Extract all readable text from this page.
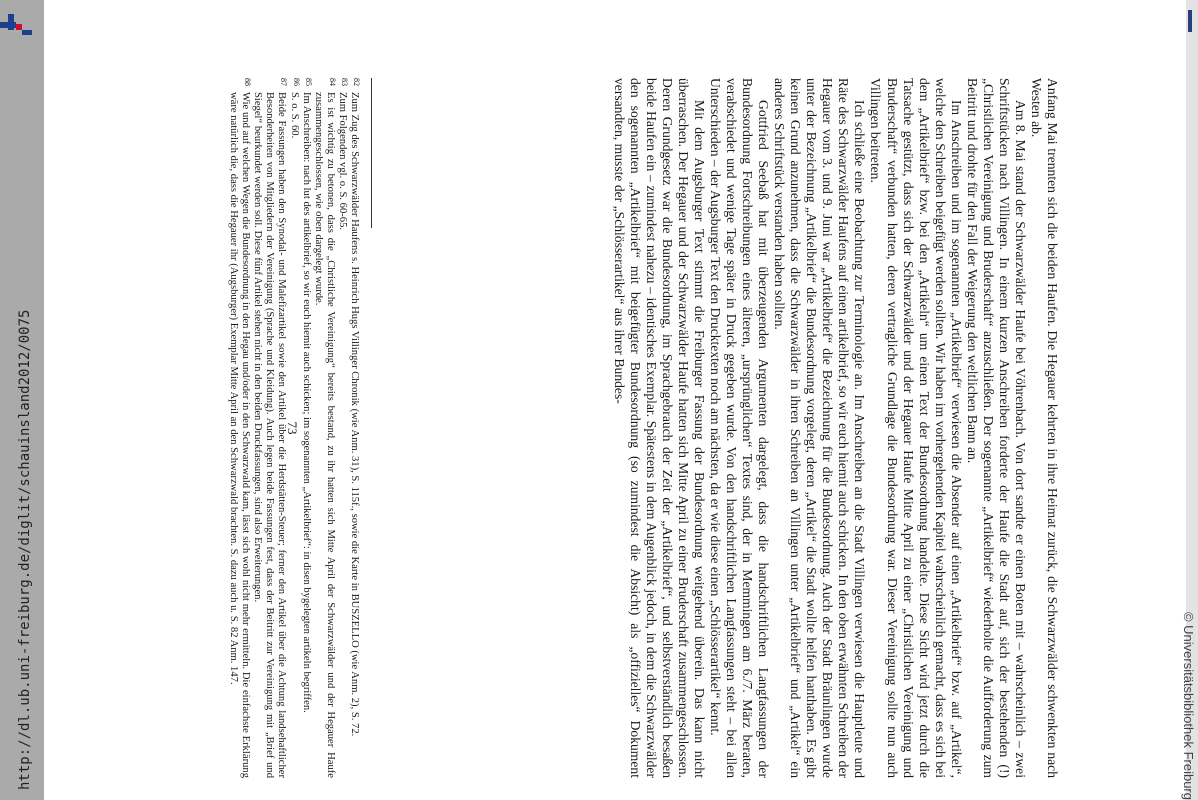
http://dl.ub.uni-freiburg.de/diglit/schauinsland2012/0075	© Universitätsbibliothek Freiburg

Anfang Mai trennten sich die beiden Haufen. Die Hegauer kehrten in ihre Heimat zurück, die Schwarzwälder schwenkten nach Westen ab.

Am 8. Mai stand der Schwarzwälder Haufe bei Vöhrenbach. Von dort sandte er einen Boten mit – wahrscheinlich – zwei Schriftstücken nach Villingen. In einem kurzen Anschreiben forderte der Haufe die Stadt auf, sich der bestehenden (!) „Christlichen Vereinigung und Bruderschaft“ anzuschließen. Der sogenannte „Artikelbrief“ wiederholte die Aufforderung zum Beitritt und drohte für den Fall der Weigerung den weltlichen Bann an.

Im Anschreiben und im sogenannten „Artikelbrief“ verwiesen die Absender auf einen „Artikelbrief“ bzw. auf „Artikel“, welche den Schreiben beigefügt werden sollten. Wir haben im vorhergehenden Kapitel wahrscheinlich gemacht, dass es sich bei dem „Artikelbrief“ bzw. bei den „Artikeln“ um einen Text der Bundesordnung handelte. Diese Sicht wird jetzt durch die Tatsache gestützt, dass sich der Schwarzwälder und der Hegauer Haufe Mitte April zu einer „Christlichen Vereinigung und Bruderschaft“ verbunden hatten, deren vertragliche Grundlage die Bundesordnung war. Dieser Vereinigung sollte nun auch Villingen beitreten.

Ich schließe eine Beobachtung zur Terminologie an. Im Anschreiben an die Stadt Villingen verwiesen die Hauptleute und Räte des Schwarzwälder Haufens auf einen artikelbrief, so wir euch hiemit auch schicken. In den oben erwähnten Schreiben der Hegauer vom 3. und 9. Juni war „Artikelbrief“ die Bezeichnung für die Bundesordnung. Auch der Stadt Bräunlingen wurde unter der Bezeichnung „Artikelbrief“ die Bundesordnung vorgelegt, deren „Artikel“ die Stadt wollte helfen hanthaben. Es gibt keinen Grund anzunehmen, dass die Schwarzwälder in ihren Schreiben an Villingen unter „Artikelbrief“ und „Artikel“ ein anderes Schriftstück verstanden haben sollten.

Gottfried Seebaß hat mit überzeugenden Argumenten dargelegt, dass die handschriftlichen Langfassungen der Bundesordnung Fortschreibungen eines älteren, „ursprünglichen“ Textes sind, der in Memmingen am 6./7. März beraten, verabschiedet und wenige Tage später in Druck gegeben wurde. Von den handschriftlichen Langfassungen steht – bei allen Unterschieden – der Augsburger Text den Drucktexten noch am nächsten, da er wie diese einen „Schlösserartikel“ kennt.

Mit dem Augsburger Text stimmt die Freiburger Fassung der Bundesordnung weitgehend überein. Das kann nicht überraschen. Der Hegauer und der Schwarzwälder Haufe hatten sich Mitte April zu einer Bruderschaft zusammengeschlossen. Deren Grundgesetz war die Bundesordnung, im Sprachgebrauch der Zeit der „Artikelbrief“, und selbstverständlich besaßen beide Haufen ein – zumindest nahezu – identisches Exemplar. Spätestens in dem Augenblick jedoch, in dem die Schwarzwälder den sogenannten „Artikelbrief“ mit beigefügter Bundesordnung (so zumindest die Absicht) als „offizielles“ Dokument versandten, musste der „Schlösserartikel“ aus ihrer Bundes-

82
Zum Zug des Schwarzwälder Haufens s. Heinrich Hugs Villinger Chronik (wie Anm. 31), S. 115f., sowie die Karte in BUSZELLO (wie Anm. 2), S. 72.
83
Zum Folgenden vgl. o. S. 60-65.
84
Es ist wichtig zu betonen, dass die „Christliche Vereinigung“ bereits bestand, zu ihr hatten sich Mitte April der Schwarzwälder und der Hegauer Haufe zusammengeschlossen, wie oben dargelegt wurde.
85
Im Anschreiben: nach lut des artikelbrief, so wir euch hiemit auch schicken; im sogenannten „Artikelbrief“: in disen bygelegten artikeln begriffen.
86
S. o. S. 60.
87
Beide Fassungen haben den Synodal- und Malefizartikel sowie den Artikel über die Herdstätten-Steuer; ferner den Artikel über die Achtung landsehaftlicher Besonderheiten von Mitgliedern der Vereinigung (Sprache und Kleidung). Auch legen beide Fassungen fest, dass der Beitritt zur Vereinigung mit „Brief und Siegel“ beurkundet werden soll. Diese fünf Artikel stehen nicht in den beiden Druckfassungen, sind also Erweiterungen.
88
Wie und auf welchen Wegen die Bundesordnung in den Hegau und/oder in den Schwarzwald kam, lässt sich wohl nicht mehr ermitteln. Die einfachste Erklärung wäre natürlich die, dass die Hegauer ihr (Augsburger) Exemplar Mitte April an den Schwarzwald brachten. S. dazu auch u. S. 82 Anm. 147.	73
